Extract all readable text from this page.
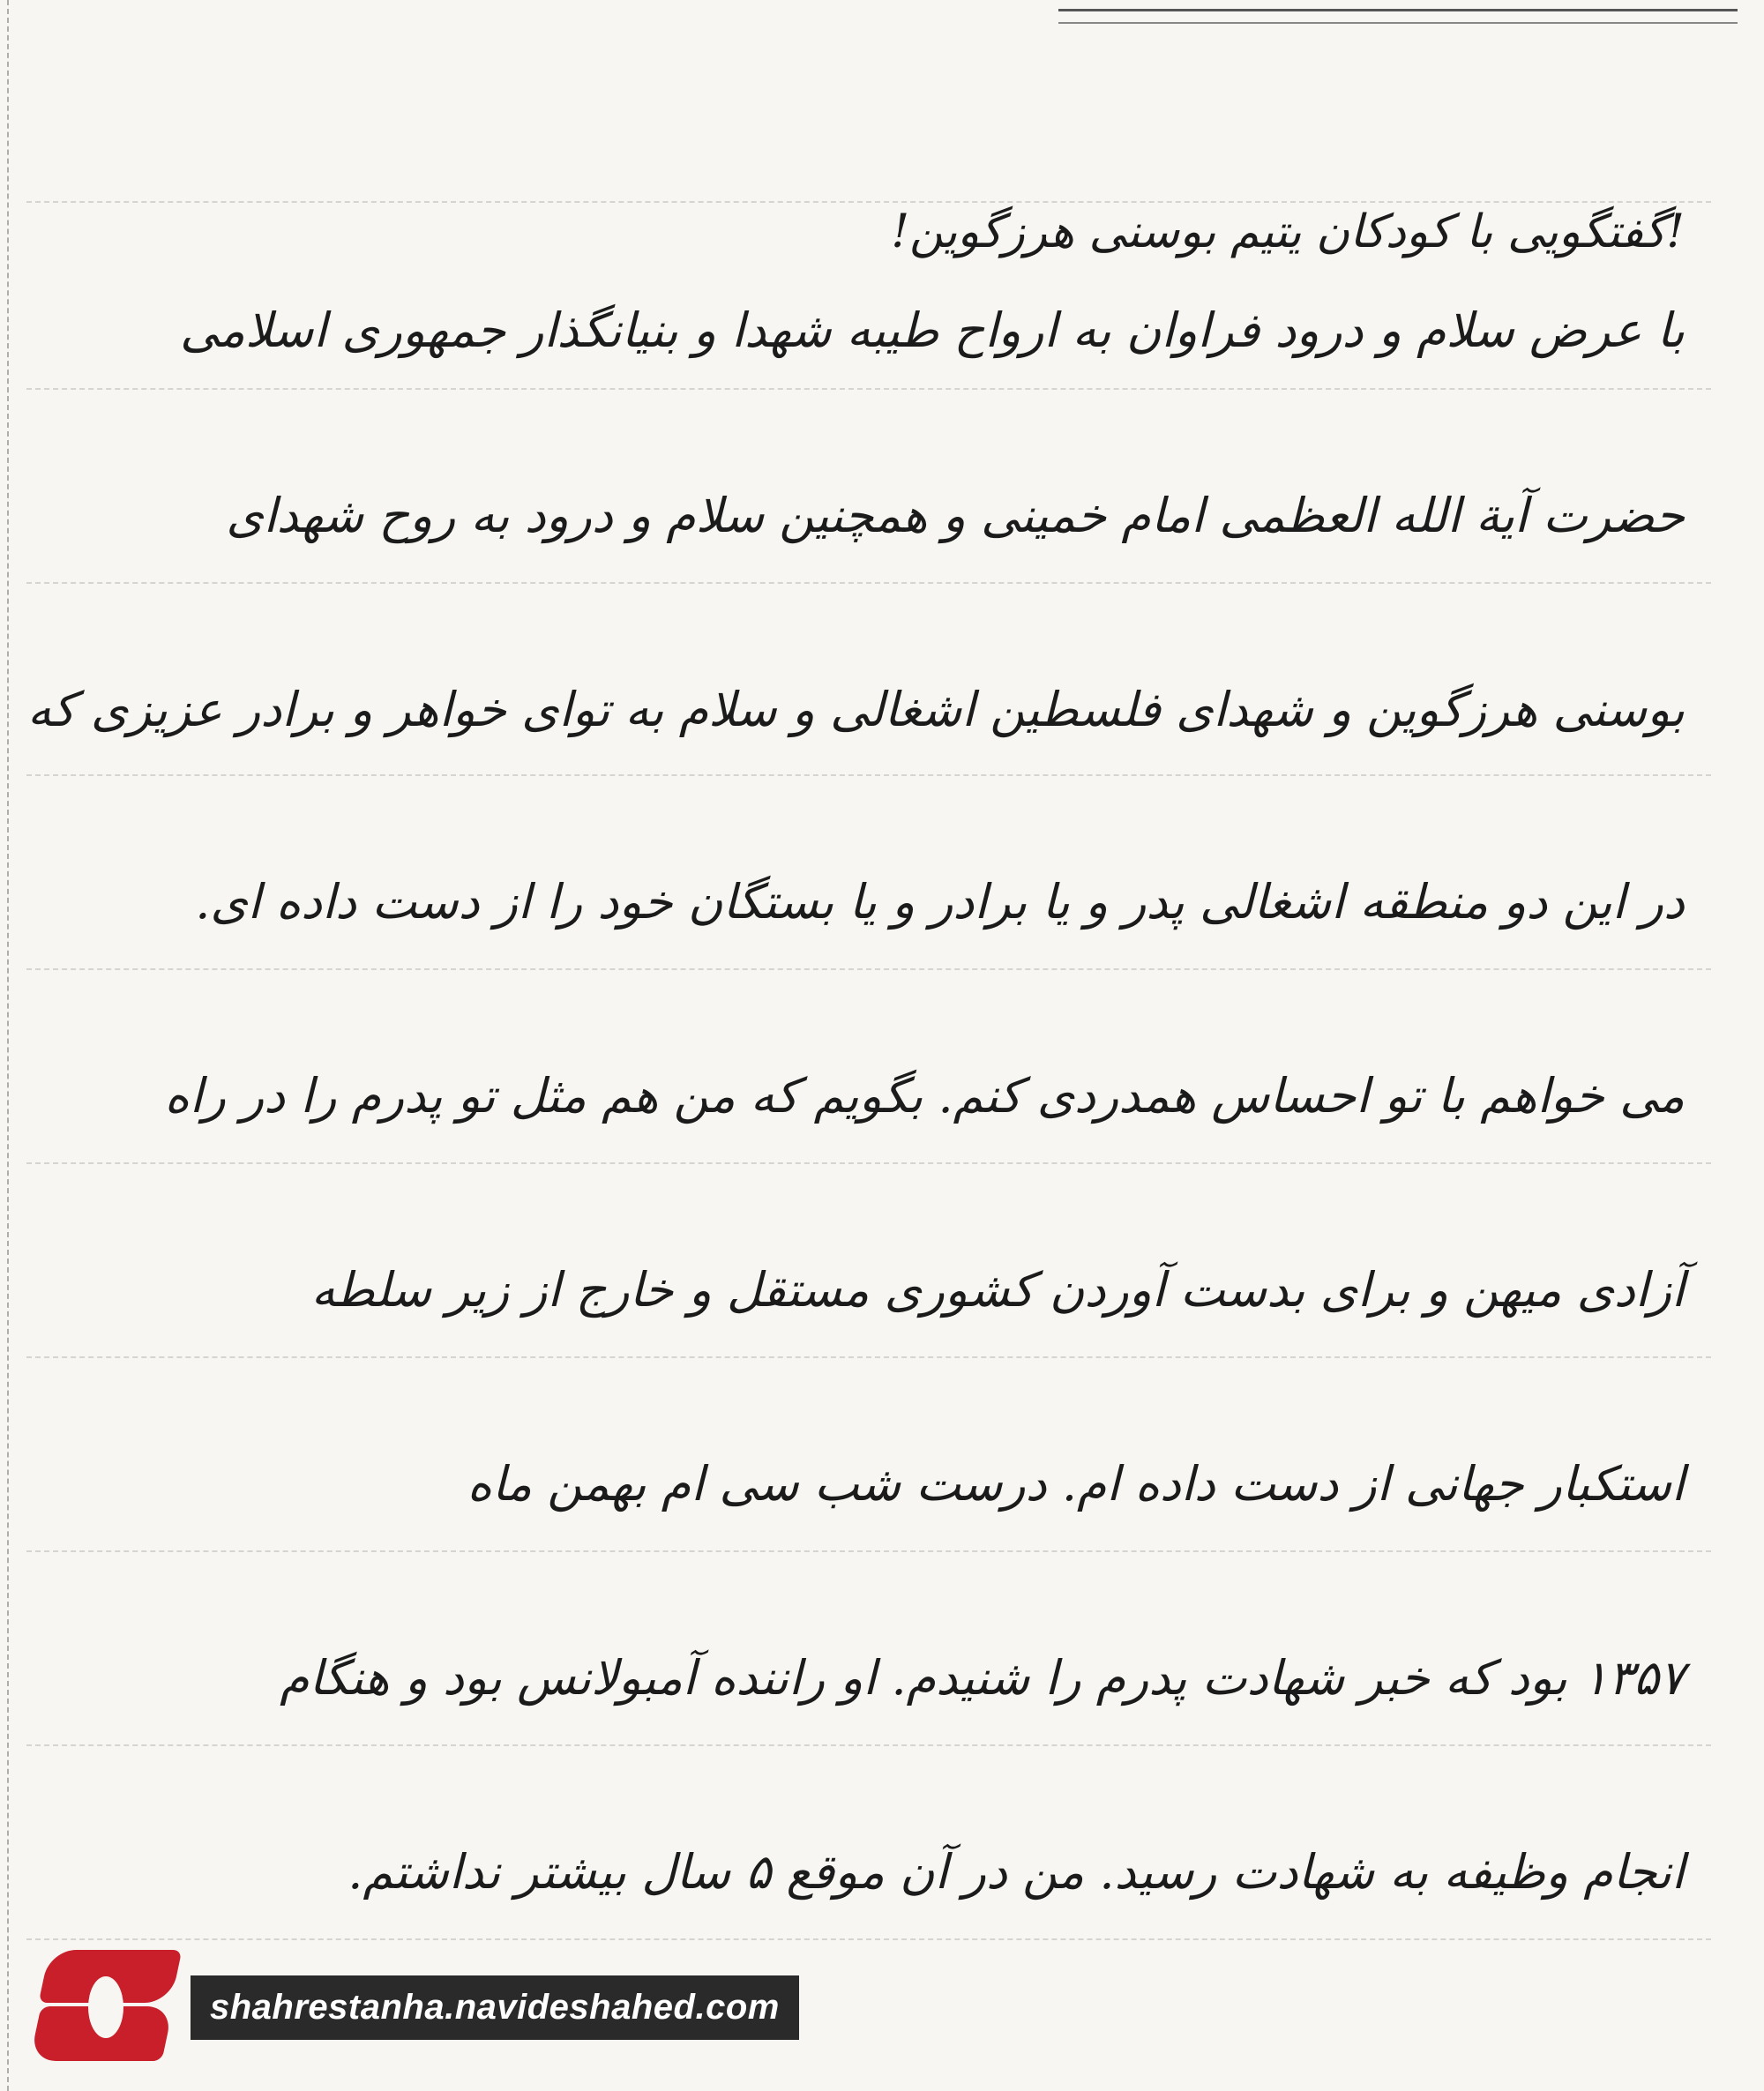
!گفتگویی با کودکان یتیم بوسنی هرزگوین!
با عرض سلام و درود فراوان به ارواح طیبه شهدا و بنیانگذار جمهوری اسلامی
حضرت آیة الله العظمی امام خمینی و همچنین سلام و درود به روح شهدای
بوسنی هرزگوین و شهدای فلسطین اشغالی و سلام به توای خواهر و برادر عزیزی که
در این دو منطقه اشغالی پدر و یا برادر و یا بستگان خود را از دست داده ای.
می خواهم با تو احساس همدردی کنم. بگویم که من هم مثل تو پدرم را در راه
آزادی میهن و برای بدست آوردن کشوری مستقل و خارج از زیر سلطه
استکبار جهانی از دست داده ام. درست شب سی ام بهمن ماه
۱۳۵۷ بود که خبر شهادت پدرم را شنیدم. او راننده آمبولانس بود و هنگام
انجام وظیفه به شهادت رسید. من در آن موقع ۵ سال بیشتر نداشتم.
shahrestanha.navideshahed.com
